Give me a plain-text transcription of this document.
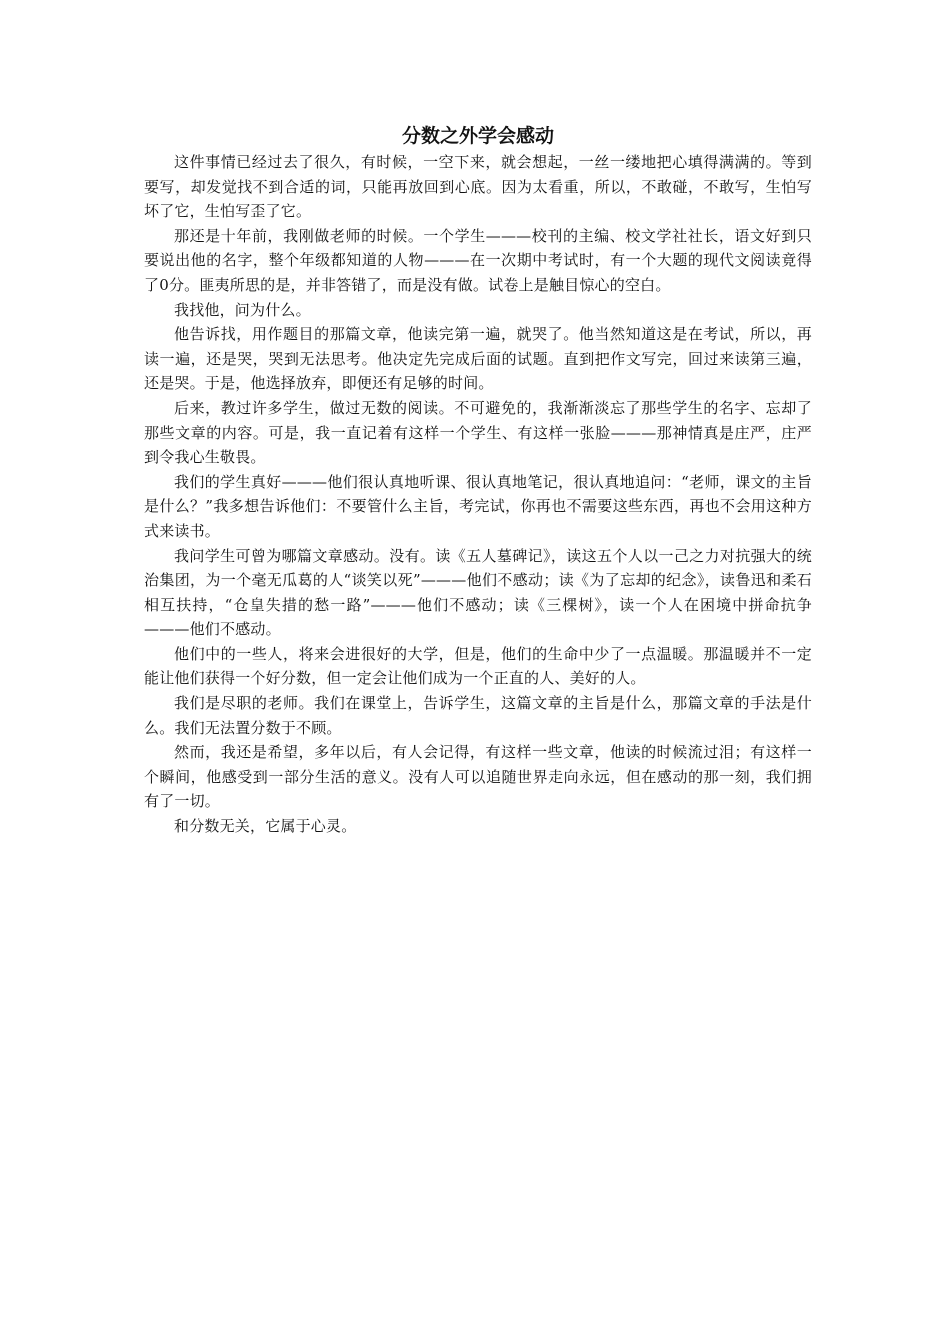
分数之外学会感动

这件事情已经过去了很久，有时候，一空下来，就会想起，一丝一缕地把心填得满满的。等到要写，却发觉找不到合适的词，只能再放回到心底。因为太看重，所以，不敢碰，不敢写，生怕写坏了它，生怕写歪了它。

那还是十年前，我刚做老师的时候。一个学生———校刊的主编、校文学社社长，语文好到只要说出他的名字，整个年级都知道的人物———在一次期中考试时，有一个大题的现代文阅读竟得了0分。匪夷所思的是，并非答错了，而是没有做。试卷上是触目惊心的空白。

我找他，问为什么。

他告诉找，用作题目的那篇文章，他读完第一遍，就哭了。他当然知道这是在考试，所以，再读一遍，还是哭，哭到无法思考。他决定先完成后面的试题。直到把作文写完，回过来读第三遍，还是哭。于是，他选择放弃，即便还有足够的时间。

后来，教过许多学生，做过无数的阅读。不可避免的，我渐渐淡忘了那些学生的名字、忘却了那些文章的内容。可是，我一直记着有这样一个学生、有这样一张脸———那神情真是庄严，庄严到令我心生敬畏。

我们的学生真好———他们很认真地听课、很认真地笔记，很认真地追问：“老师，课文的主旨是什么？”我多想告诉他们：不要管什么主旨，考完试，你再也不需要这些东西，再也不会用这种方式来读书。

我问学生可曾为哪篇文章感动。没有。读《五人墓碑记》，读这五个人以一己之力对抗强大的统治集团，为一个毫无瓜葛的人“谈笑以死”———他们不感动；读《为了忘却的纪念》，读鲁迅和柔石相互扶持，“仓皇失措的愁一路”———他们不感动；读《三棵树》，读一个人在困境中拼命抗争———他们不感动。

他们中的一些人，将来会进很好的大学，但是，他们的生命中少了一点温暖。那温暖并不一定能让他们获得一个好分数，但一定会让他们成为一个正直的人、美好的人。

我们是尽职的老师。我们在课堂上，告诉学生，这篇文章的主旨是什么，那篇文章的手法是什么。我们无法置分数于不顾。

然而，我还是希望，多年以后，有人会记得，有这样一些文章，他读的时候流过泪；有这样一个瞬间，他感受到一部分生活的意义。没有人可以追随世界走向永远，但在感动的那一刻，我们拥有了一切。

和分数无关，它属于心灵。
